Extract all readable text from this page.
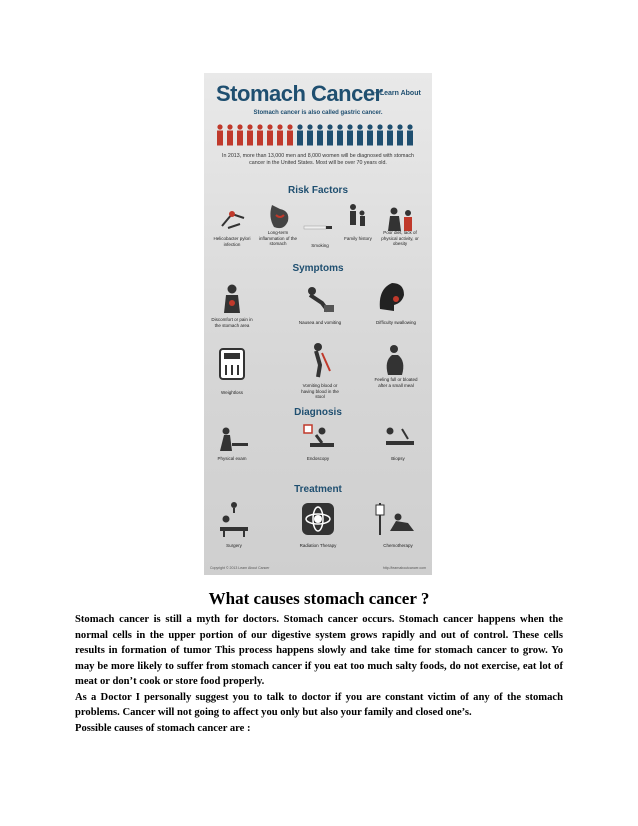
Stomach Cancer
– Learn About
Stomach cancer is also called gastric cancer.
In 2013, more than 13,000 men and 8,000 women will be diagnosed with stomach cancer in the United States. Most will be over 70 years old.
Risk Factors
Helicobacter pylori infection
Long-term inflammation of the stomach	Smoking
Family history
Poor diet, lack of physical activity, or obesity
Symptoms
Discomfort or pain in the stomach area	Nausea and vomiting	Difficulty swallowing
Weightloss
Vomiting blood or having blood in the stool
Feeling full or bloated after a small meal
Diagnosis
Physical exam	Endoscopy	Biopsy
Treatment
Surgery	Radiation Therapy	Chemotherapy
Copyright © 2013 Learn About Cancer	http://learnaboutcancer.com
What causes stomach cancer ?

Stomach cancer is still a myth for doctors. Stomach cancer occurs. Stomach cancer happens when the normal cells in the upper portion of our digestive system grows rapidly and out of control. These cells results in formation of tumor This process happens slowly and take time for stomach cancer to grow. Yo may be more likely to suffer from stomach cancer if you eat too much salty foods, do not exercise, eat lot of meat or don’t cook or store food properly.

As a Doctor I personally suggest you to talk to doctor if you are constant victim of any of the stomach problems. Cancer will not going to affect you only but also your family and closed one’s.

Possible causes of stomach cancer are :
